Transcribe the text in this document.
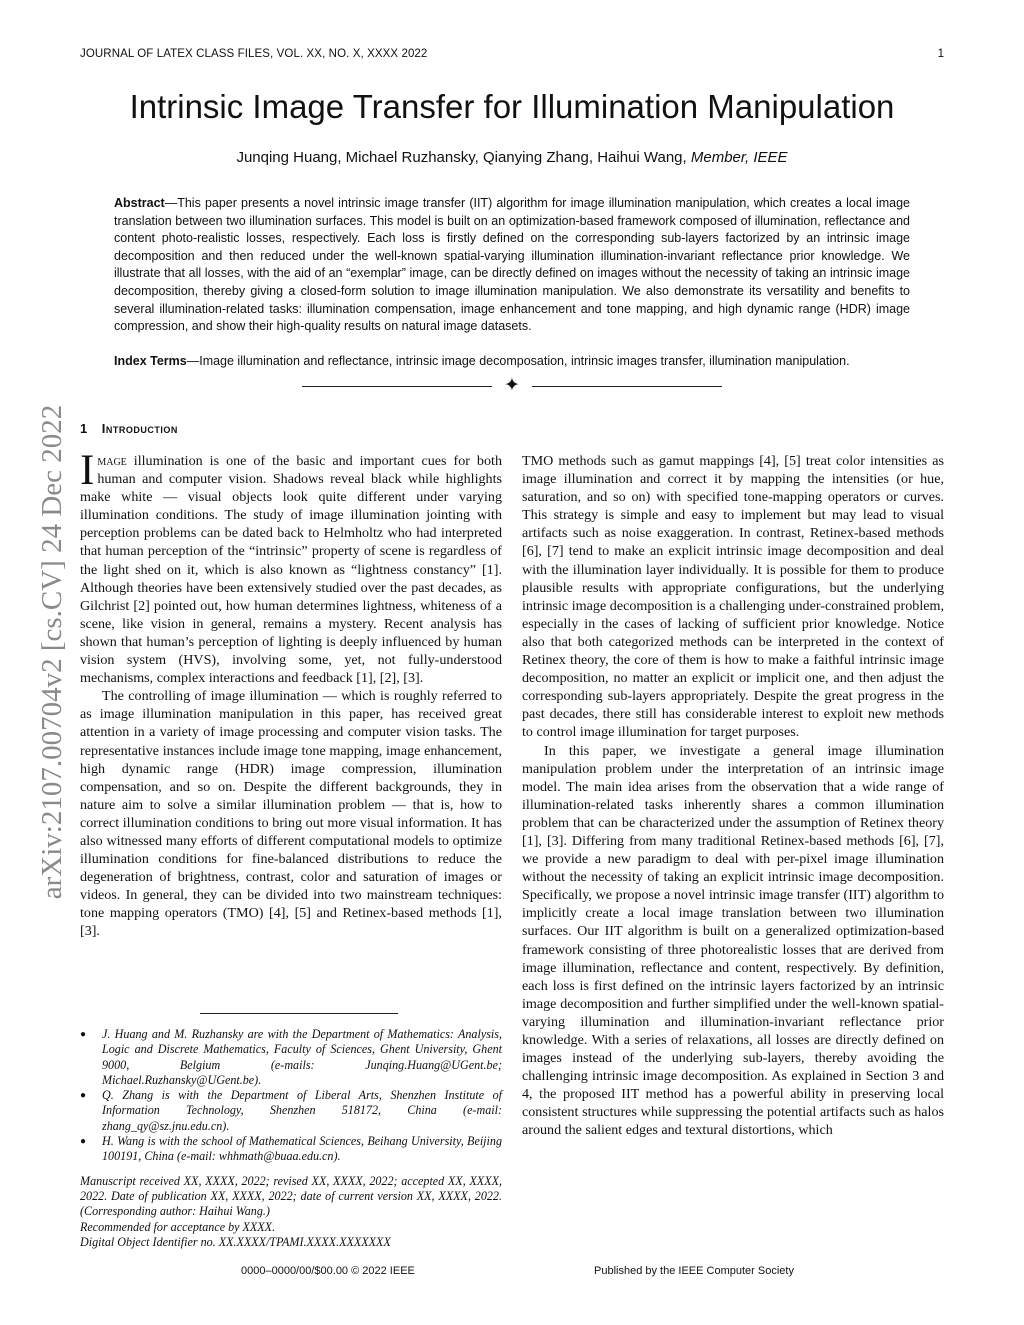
JOURNAL OF LATEX CLASS FILES, VOL. XX, NO. X, XXXX 2022	1
arXiv:2107.00704v2 [cs.CV] 24 Dec 2022
Intrinsic Image Transfer for Illumination Manipulation
Junqing Huang, Michael Ruzhansky, Qianying Zhang, Haihui Wang, Member, IEEE

Abstract—This paper presents a novel intrinsic image transfer (IIT) algorithm for image illumination manipulation, which creates a local image translation between two illumination surfaces. This model is built on an optimization-based framework composed of illumination, reflectance and content photo-realistic losses, respectively. Each loss is firstly defined on the corresponding sub-layers factorized by an intrinsic image decomposition and then reduced under the well-known spatial-varying illumination illumination-invariant reflectance prior knowledge. We illustrate that all losses, with the aid of an “exemplar” image, can be directly defined on images without the necessity of taking an intrinsic image decomposition, thereby giving a closed-form solution to image illumination manipulation. We also demonstrate its versatility and benefits to several illumination-related tasks: illumination compensation, image enhancement and tone mapping, and high dynamic range (HDR) image compression, and show their high-quality results on natural image datasets.

Index Terms—Image illumination and reflectance, intrinsic image decomposation, intrinsic images transfer, illumination manipulation.

✦
1 Introduction

Image illumination is one of the basic and important cues for both human and computer vision. Shadows reveal black while highlights make white — visual objects look quite different under varying illumination conditions. The study of image illumination jointing with perception problems can be dated back to Helmholtz who had interpreted that human perception of the “intrinsic” property of scene is regardless of the light shed on it, which is also known as “lightness constancy” [1]. Although theories have been extensively studied over the past decades, as Gilchrist [2] pointed out, how human determines lightness, whiteness of a scene, like vision in general, remains a mystery. Recent analysis has shown that human’s perception of lighting is deeply influenced by human vision system (HVS), involving some, yet, not fully-understood mechanisms, complex interactions and feedback [1], [2], [3].

The controlling of image illumination — which is roughly referred to as image illumination manipulation in this paper, has received great attention in a variety of image processing and computer vision tasks. The representative instances include image tone mapping, image enhancement, high dynamic range (HDR) image compression, illumination compensation, and so on. Despite the different backgrounds, they in nature aim to solve a similar illumination problem — that is, how to correct illumination conditions to bring out more visual information. It has also witnessed many efforts of different computational models to optimize illumination conditions for fine-balanced distributions to reduce the degeneration of brightness, contrast, color and saturation of images or videos. In general, they can be divided into two mainstream techniques: tone mapping operators (TMO) [4], [5] and Retinex-based methods [1], [3].

TMO methods such as gamut mappings [4], [5] treat color intensities as image illumination and correct it by mapping the intensities (or hue, saturation, and so on) with specified tone-mapping operators or curves. This strategy is simple and easy to implement but may lead to visual artifacts such as noise exaggeration. In contrast, Retinex-based methods [6], [7] tend to make an explicit intrinsic image decomposition and deal with the illumination layer individually. It is possible for them to produce plausible results with appropriate configurations, but the underlying intrinsic image decomposition is a challenging under-constrained problem, especially in the cases of lacking of sufficient prior knowledge. Notice also that both categorized methods can be interpreted in the context of Retinex theory, the core of them is how to make a faithful intrinsic image decomposition, no matter an explicit or implicit one, and then adjust the corresponding sub-layers appropriately. Despite the great progress in the past decades, there still has considerable interest to exploit new methods to control image illumination for target purposes.

In this paper, we investigate a general image illumination manipulation problem under the interpretation of an intrinsic image model. The main idea arises from the observation that a wide range of illumination-related tasks inherently shares a common illumination problem that can be characterized under the assumption of Retinex theory [1], [3]. Differing from many traditional Retinex-based methods [6], [7], we provide a new paradigm to deal with per-pixel image illumination without the necessity of taking an explicit intrinsic image decomposition. Specifically, we propose a novel intrinsic image transfer (IIT) algorithm to implicitly create a local image translation between two illumination surfaces. Our IIT algorithm is built on a generalized optimization-based framework consisting of three photorealistic losses that are derived from image illumination, reflectance and content, respectively. By definition, each loss is first defined on the intrinsic layers factorized by an intrinsic image decomposition and further simplified under the well-known spatial-varying illumination and illumination-invariant reflectance prior knowledge. With a series of relaxations, all losses are directly defined on images instead of the underlying sub-layers, thereby avoiding the challenging intrinsic image decomposition. As explained in Section 3 and 4, the proposed IIT method has a powerful ability in preserving local consistent structures while suppressing the potential artifacts such as halos around the salient edges and textural distortions, which

●	J. Huang and M. Ruzhansky are with the Department of Mathematics: Analysis, Logic and Discrete Mathematics, Faculty of Sciences, Ghent University, Ghent 9000, Belgium (e-mails: Junqing.Huang@UGent.be; Michael.Ruzhansky@UGent.be).
●	Q. Zhang is with the Department of Liberal Arts, Shenzhen Institute of Information Technology, Shenzhen 518172, China (e-mail: zhang_qy@sz.jnu.edu.cn).
●	H. Wang is with the school of Mathematical Sciences, Beihang University, Beijing 100191, China (e-mail: whhmath@buaa.edu.cn).
Manuscript received XX, XXXX, 2022; revised XX, XXXX, 2022; accepted XX, XXXX, 2022. Date of publication XX, XXXX, 2022; date of current version XX, XXXX, 2022. (Corresponding author: Haihui Wang.)
Recommended for acceptance by XXXX.
Digital Object Identifier no. XX.XXXX/TPAMI.XXXX.XXXXXXX
0000–0000/00/$00.00 © 2022 IEEE	Published by the IEEE Computer Society
